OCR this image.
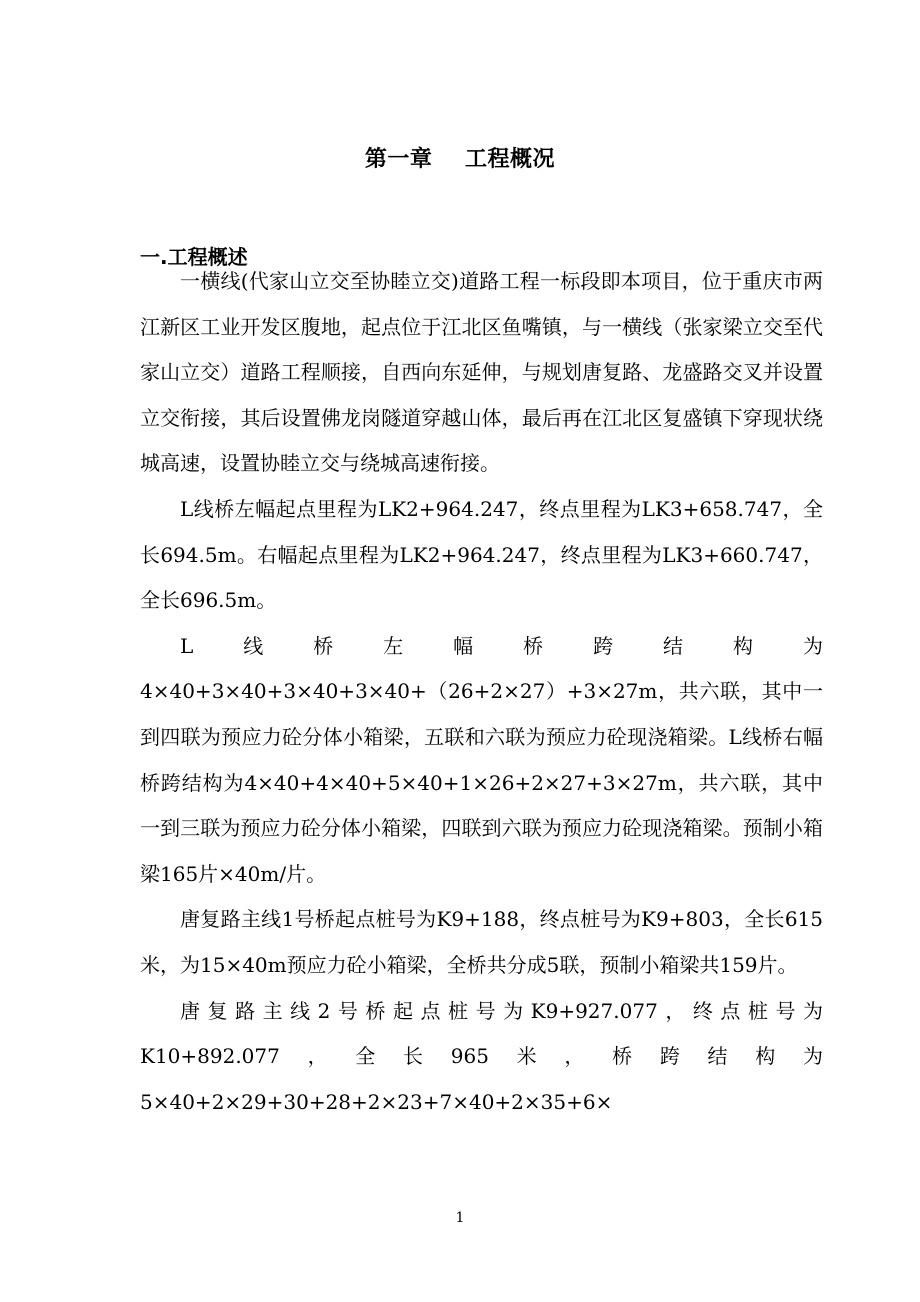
第一章    工程概况
一.工程概述

一横线(代家山立交至协睦立交)道路工程一标段即本项目，位于重庆市两江新区工业开发区腹地，起点位于江北区鱼嘴镇，与一横线（张家梁立交至代家山立交）道路工程顺接，自西向东延伸，与规划唐复路、龙盛路交叉并设置立交衔接，其后设置佛龙岗隧道穿越山体，最后再在江北区复盛镇下穿现状绕城高速，设置协睦立交与绕城高速衔接。

L线桥左幅起点里程为LK2+964.247，终点里程为LK3+658.747，全长694.5m。右幅起点里程为LK2+964.247，终点里程为LK3+660.747，全长696.5m。

L线桥左幅桥跨结构为4×40+3×40+3×40+3×40+（26+2×27）+3×27m，共六联，其中一到四联为预应力砼分体小箱梁，五联和六联为预应力砼现浇箱梁。L线桥右幅桥跨结构为4×40+4×40+5×40+1×26+2×27+3×27m，共六联，其中一到三联为预应力砼分体小箱梁，四联到六联为预应力砼现浇箱梁。预制小箱梁165片×40m/片。

唐复路主线1号桥起点桩号为K9+188，终点桩号为K9+803，全长615米，为15×40m预应力砼小箱梁，全桥共分成5联，预制小箱梁共159片。

唐复路主线2号桥起点桩号为K9+927.077，终点桩号为K10+892.077，全长965米，桥跨结构为5×40+2×29+30+28+2×23+7×40+2×35+6×

1
